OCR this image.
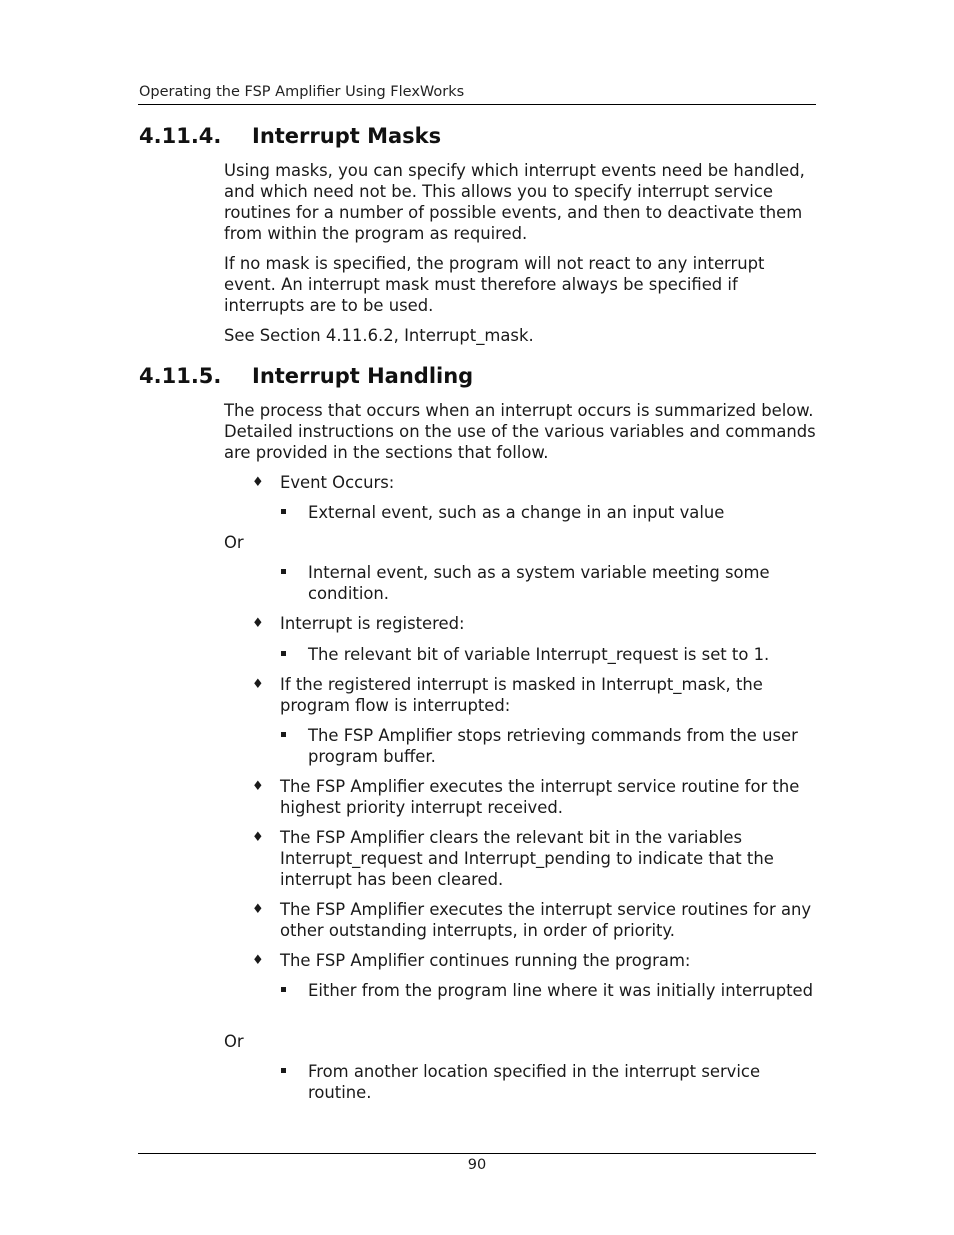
Operating the FSP Amplifier Using FlexWorks
4.11.4. Interrupt Masks
Using masks, you can specify which interrupt events need be handled, and which need not be. This allows you to specify interrupt service routines for a number of possible events, and then to deactivate them from within the program as required.
If no mask is specified, the program will not react to any interrupt event. An interrupt mask must therefore always be specified if interrupts are to be used.
See Section 4.11.6.2, Interrupt_mask.
4.11.5. Interrupt Handling
The process that occurs when an interrupt occurs is summarized below. Detailed instructions on the use of the various variables and commands are provided in the sections that follow.
♦ Event Occurs:
External event, such as a change in an input value
Or
Internal event, such as a system variable meeting some condition.
♦ Interrupt is registered:
The relevant bit of variable Interrupt_request is set to 1.
♦ If the registered interrupt is masked in Interrupt_mask, the program flow is interrupted:
The FSP Amplifier stops retrieving commands from the user program buffer.
♦ The FSP Amplifier executes the interrupt service routine for the highest priority interrupt received.
♦ The FSP Amplifier clears the relevant bit in the variables Interrupt_request and Interrupt_pending to indicate that the interrupt has been cleared.
♦ The FSP Amplifier executes the interrupt service routines for any other outstanding interrupts, in order of priority.
♦ The FSP Amplifier continues running the program:
Either from the program line where it was initially interrupted
Or
From another location specified in the interrupt service routine.
90
